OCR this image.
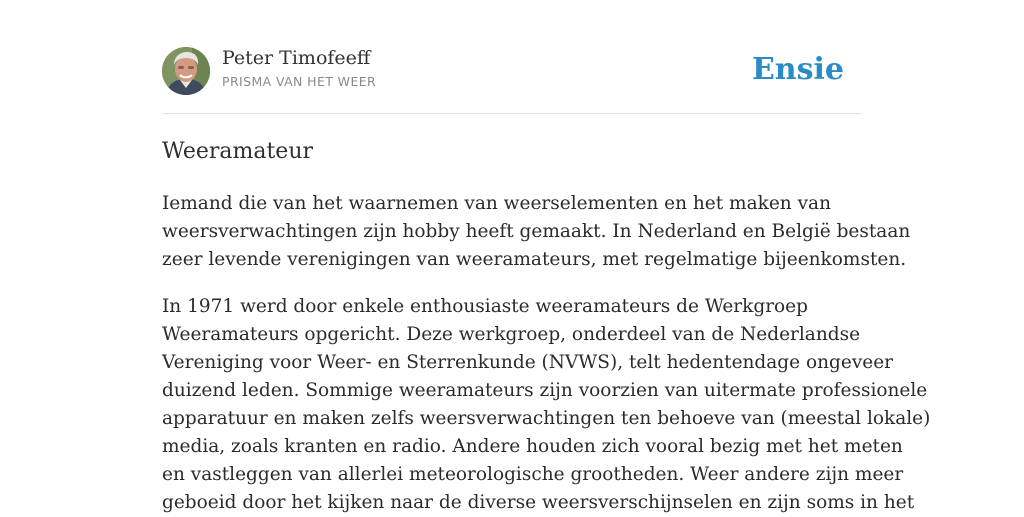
Peter Timofeeff
PRISMA VAN HET WEER	Ensie
Weeramateur

Iemand die van het waarnemen van weerselementen en het maken van
weersverwachtingen zijn hobby heeft gemaakt. In Nederland en België bestaan
zeer levende verenigingen van weeramateurs, met regelmatige bijeenkomsten.

In 1971 werd door enkele enthousiaste weeramateurs de Werkgroep
Weeramateurs opgericht. Deze werkgroep, onderdeel van de Nederlandse
Vereniging voor Weer- en Sterrenkunde (NVWS), telt hedentendage ongeveer
duizend leden. Sommige weeramateurs zijn voorzien van uitermate professionele
apparatuur en maken zelfs weersverwachtingen ten behoeve van (meestal lokale)
media, zoals kranten en radio. Andere houden zich vooral bezig met het meten
en vastleggen van allerlei meteorologische grootheden. Weer andere zijn meer
geboeid door het kijken naar de diverse weersverschijnselen en zijn soms in het
